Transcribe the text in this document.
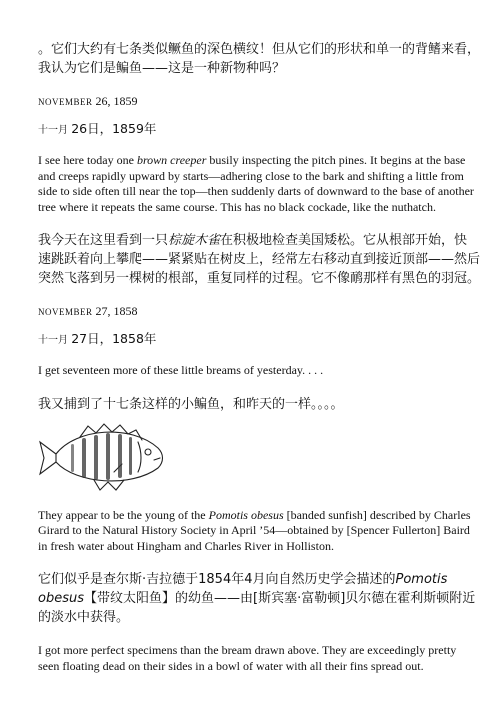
。它们大约有七条类似鳜鱼的深色横纹！但从它们的形状和单一的背鳍来看，我认为它们是鳊鱼——这是一种新物种吗？

NOVEMBER 26, 1859

十一月 26日，1859年

I see here today one brown creeper busily inspecting the pitch pines. It begins at the base and creeps rapidly upward by starts—adhering close to the bark and shifting a little from side to side often till near the top—then suddenly darts of downward to the base of another tree where it repeats the same course. This has no black cockade, like the nuthatch.

我今天在这里看到一只棕旋木雀在积极地检查美国矮松。它从根部开始，快速跳跃着向上攀爬——紧紧贴在树皮上，经常左右移动直到接近顶部——然后突然飞落到另一棵树的根部，重复同样的过程。它不像鸸那样有黑色的羽冠。

NOVEMBER 27, 1858

十一月 27日，1858年

I get seventeen more of these little breams of yesterday. . . .

我又捕到了十七条这样的小鳊鱼，和昨天的一样。。。。

They appear to be the young of the Pomotis obesus [banded sunfish] described by Charles Girard to the Natural History Society in April ’54—obtained by [Spencer Fullerton] Baird in fresh water about Hingham and Charles River in Holliston.

它们似乎是查尔斯·吉拉德于1854年4月向自然历史学会描述的Pomotis obesus【带纹太阳鱼】的幼鱼——由[斯宾塞·富勒顿]贝尔德在霍利斯顿附近的淡水中获得。

I got more perfect specimens than the bream drawn above. They are exceedingly pretty seen floating dead on their sides in a bowl of water with all their fins spread out.
